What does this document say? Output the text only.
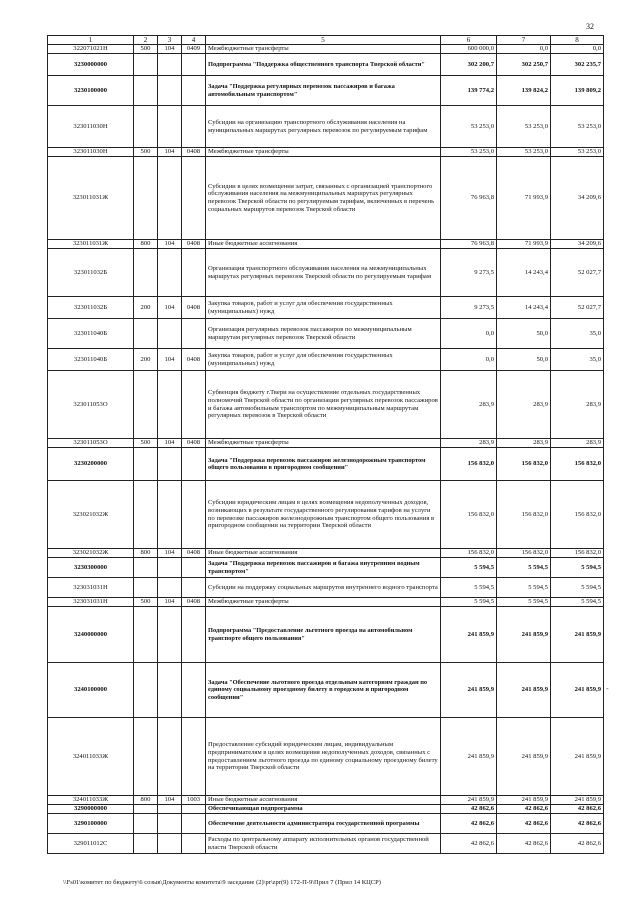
32
1	2	3	4	5	6	7	8
322071021Н	500	104	0409	Межбюджетные трансферты	600 000,0	0,0	0,0
3230000000				Подпрограмма "Поддержка общественного транспорта Тверской области"	302 200,7	302 250,7	302 235,7
3230100000				Задача "Поддержка регулярных перевозок пассажиров и багажа автомобильным транспортом"	139 774,2	139 824,2	139 809,2
323011030Н				Субсидии на организацию транспортного обслуживания населения на муниципальных маршрутах регулярных перевозок по регулируемым тарифам	53 253,0	53 253,0	53 253,0
323011030Н	500	104	0408	Межбюджетные трансферты	53 253,0	53 253,0	53 253,0
323011031Ж				Субсидии в целях возмещения затрат, связанных с организацией транспортного обслуживания населения на межмуниципальных маршрутах регулярных перевозок Тверской области по регулируемым тарифам, включенных в перечень социальных маршрутов перевозок Тверской области	76 963,8	71 993,9	34 209,6
323011031Ж	800	104	0408	Иные бюджетные ассигнования	76 963,8	71 993,9	34 209,6
323011032Б				Организация транспортного обслуживания населения на межмуниципальных маршрутах регулярных перевозок Тверской области по регулируемым тарифам	9 273,5	14 243,4	52 027,7
323011032Б	200	104	0408	Закупка товаров, работ и услуг для обеспечения государственных (муниципальных) нужд	9 273,5	14 243,4	52 027,7
323011040Б				Организация регулярных перевозок пассажиров по межмуниципальным маршрутам регулярных перевозок Тверской области	0,0	50,0	35,0
323011040Б	200	104	0408	Закупка товаров, работ и услуг для обеспечения государственных (муниципальных) нужд	0,0	50,0	35,0
323011053О				Субвенция бюджету г.Твери на осуществление отдельных государственных полномочий Тверской области по организации регулярных перевозок пассажиров и багажа автомобильным транспортом по межмуниципальным маршрутам регулярных перевозок в Тверской области	283,9	283,9	283,9
323011053О	500	104	0408	Межбюджетные трансферты	283,9	283,9	283,9
3230200000				Задача "Поддержка перевозок пассажиров железнодорожным транспортом общего пользования в пригородном сообщении"	156 832,0	156 832,0	156 832,0
323021032Ж				Субсидии юридическим лицам в целях возмещения недополученных доходов, возникающих в результате государственного регулирования тарифов на услуги по перевозке пассажиров железнодорожным транспортом общего пользования в пригородном сообщении на территории Тверской области	156 832,0	156 832,0	156 832,0
323021032Ж	800	104	0408	Иные бюджетные ассигнования	156 832,0	156 832,0	156 832,0
3230300000				Задача "Поддержка перевозок пассажиров и багажа внутренним водным транспортом"	5 594,5	5 594,5	5 594,5
323031031Н				Субсидии на поддержку социальных маршрутов внутреннего водного транспорта	5 594,5	5 594,5	5 594,5
323031031Н	500	104	0408	Межбюджетные трансферты	5 594,5	5 594,5	5 594,5
3240000000				Подпрограмма "Предоставление льготного проезда на автомобильном транспорте общего пользования"	241 859,9	241 859,9	241 859,9
3240100000				Задача "Обеспечение льготного проезда отдельным категориям граждан по единому социальному проездному билету в городском и пригородном сообщении"	241 859,9	241 859,9	241 859,9
324011033Ж				Предоставление субсидий юридическим лицам, индивидуальным предпринимателям в целях возмещения недополученных доходов, связанных с предоставлением льготного проезда по единому социальному проездному билету на территории Тверской области	241 859,9	241 859,9	241 859,9
324011033Ж	800	104	1003	Иные бюджетные ассигнования	241 859,9	241 859,9	241 859,9
3290000000				Обеспечивающая подпрограмма	42 862,6	42 862,6	42 862,6
3290100000				Обеспечение деятельности администратора государственной программы	42 862,6	42 862,6	42 862,6
329011012С				Расходы по центральному аппарату исполнительных органов государственной власти Тверской области	42 862,6	42 862,6	42 862,6
\\Fs01\комитет по бюджету\6 созыв\Документы комитета\9 заседание (2)\pr\zpr(9) 172-П-9\Прил 7 (Прил 14 КЦСР)
-
